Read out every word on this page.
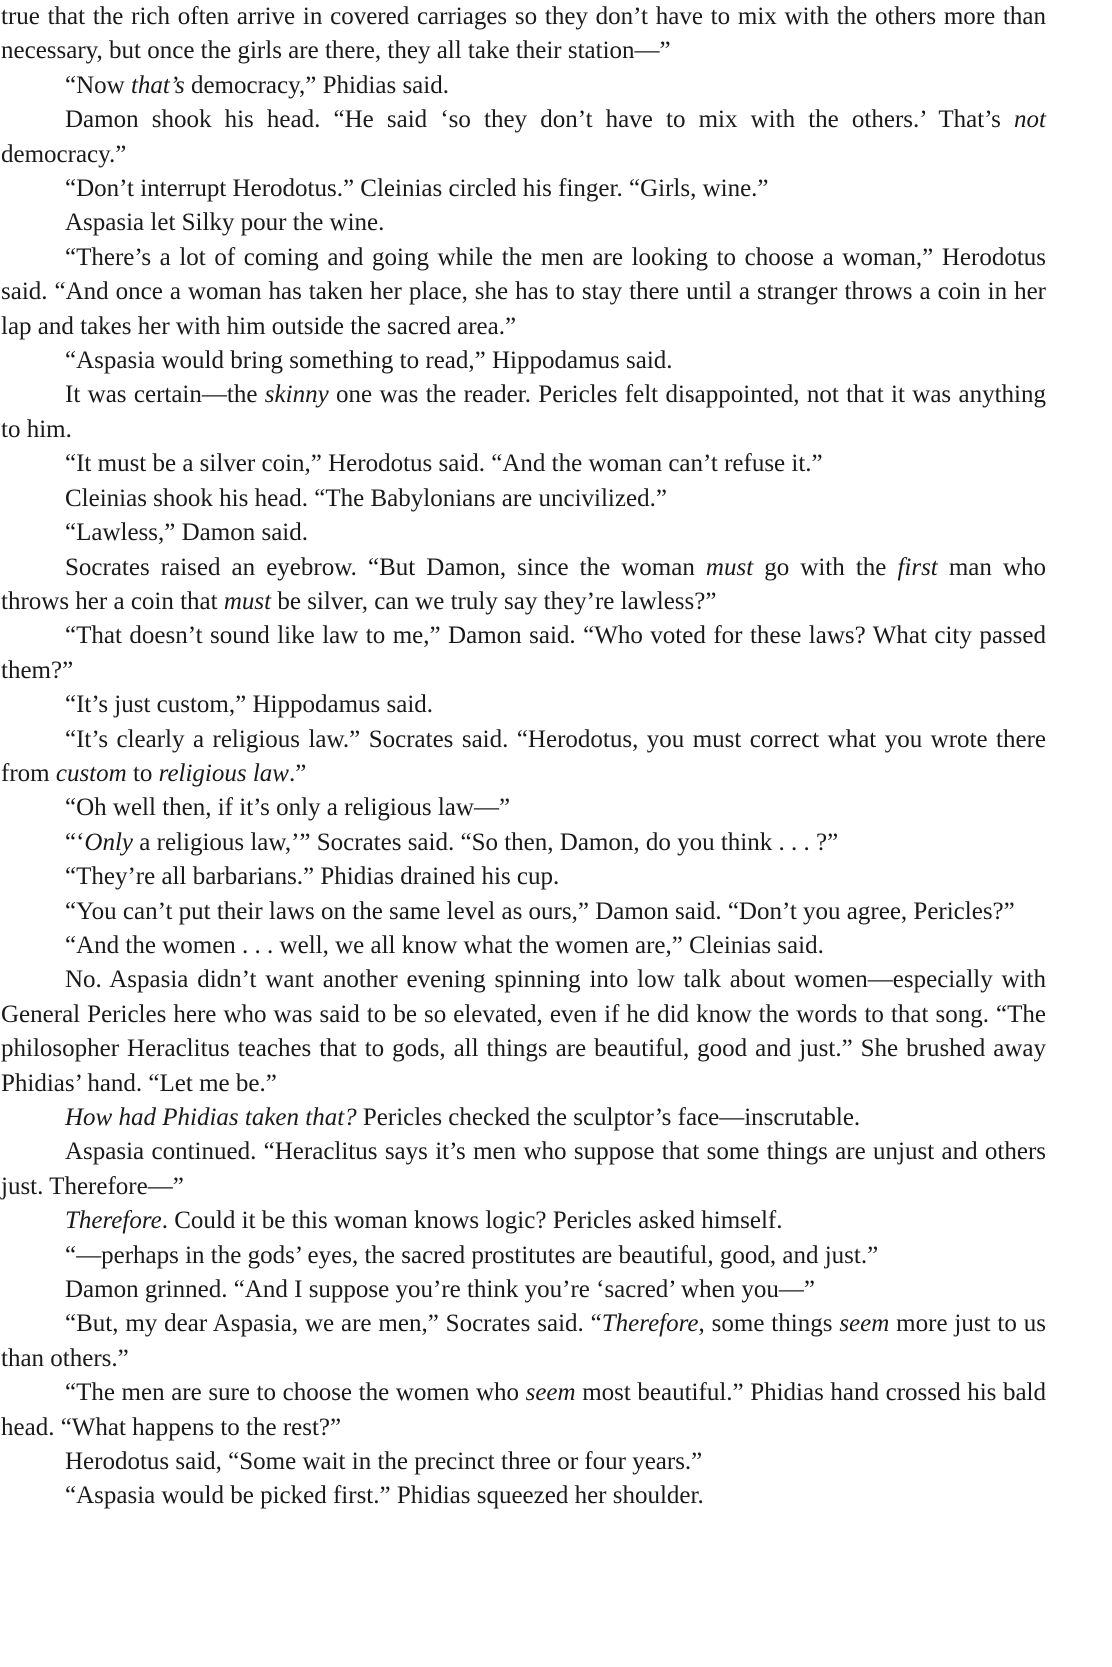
true that the rich often arrive in covered carriages so they don’t have to mix with the others more than necessary, but once the girls are there, they all take their station—”

“Now that’s democracy,” Phidias said.

Damon shook his head. “He said ‘so they don’t have to mix with the others.’ That’s not democracy.”

“Don’t interrupt Herodotus.” Cleinias circled his finger. “Girls, wine.”

Aspasia let Silky pour the wine.

“There’s a lot of coming and going while the men are looking to choose a woman,” Herodotus said. “And once a woman has taken her place, she has to stay there until a stranger throws a coin in her lap and takes her with him outside the sacred area.”

“Aspasia would bring something to read,” Hippodamus said.

It was certain—the skinny one was the reader. Pericles felt disappointed, not that it was anything to him.

“It must be a silver coin,” Herodotus said. “And the woman can’t refuse it.”

Cleinias shook his head. “The Babylonians are uncivilized.”

“Lawless,” Damon said.

Socrates raised an eyebrow. “But Damon, since the woman must go with the first man who throws her a coin that must be silver, can we truly say they’re lawless?”

“That doesn’t sound like law to me,” Damon said. “Who voted for these laws? What city passed them?”

“It’s just custom,” Hippodamus said.

“It’s clearly a religious law.” Socrates said. “Herodotus, you must correct what you wrote there from custom to religious law.”

“Oh well then, if it’s only a religious law—”

“‘Only a religious law,’” Socrates said. “So then, Damon, do you think . . . ?”

“They’re all barbarians.” Phidias drained his cup.

“You can’t put their laws on the same level as ours,” Damon said. “Don’t you agree, Pericles?”

“And the women . . . well, we all know what the women are,” Cleinias said.

No. Aspasia didn’t want another evening spinning into low talk about women—especially with General Pericles here who was said to be so elevated, even if he did know the words to that song. “The philosopher Heraclitus teaches that to gods, all things are beautiful, good and just.” She brushed away Phidias’ hand. “Let me be.”

How had Phidias taken that? Pericles checked the sculptor’s face—inscrutable.

Aspasia continued. “Heraclitus says it’s men who suppose that some things are unjust and others just. Therefore—”

Therefore. Could it be this woman knows logic? Pericles asked himself.

“—perhaps in the gods’ eyes, the sacred prostitutes are beautiful, good, and just.”

Damon grinned. “And I suppose you’re think you’re ‘sacred’ when you—”

“But, my dear Aspasia, we are men,” Socrates said. “Therefore, some things seem more just to us than others.”

“The men are sure to choose the women who seem most beautiful.” Phidias hand crossed his bald head. “What happens to the rest?”

Herodotus said, “Some wait in the precinct three or four years.”

“Aspasia would be picked first.” Phidias squeezed her shoulder.
